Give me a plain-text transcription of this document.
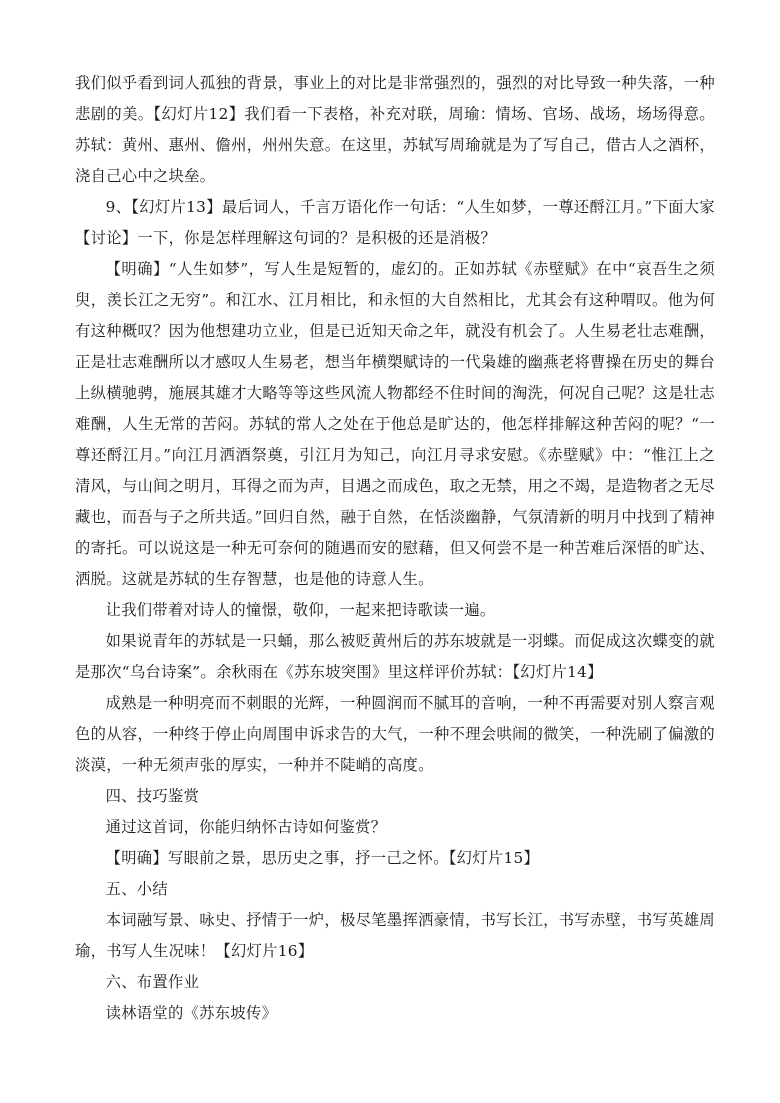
我们似乎看到词人孤独的背景，事业上的对比是非常强烈的，强烈的对比导致一种失落，一种悲剧的美。【幻灯片12】我们看一下表格，补充对联，周瑜：情场、官场、战场，场场得意。苏轼：黄州、惠州、儋州，州州失意。在这里，苏轼写周瑜就是为了写自己，借古人之酒杯，浇自己心中之块垒。

9、【幻灯片13】最后词人，千言万语化作一句话：“人生如梦，一尊还酹江月。”下面大家【讨论】一下，你是怎样理解这句词的？是积极的还是消极？

【明确】“人生如梦”，写人生是短暂的，虚幻的。正如苏轼《赤壁赋》在中“哀吾生之须臾，羡长江之无穷”。和江水、江月相比，和永恒的大自然相比，尤其会有这种喟叹。他为何有这种概叹？因为他想建功立业，但是已近知天命之年，就没有机会了。人生易老壮志难酬，正是壮志难酬所以才感叹人生易老，想当年横槊赋诗的一代枭雄的幽燕老将曹操在历史的舞台上纵横驰骋，施展其雄才大略等等这些风流人物都经不住时间的淘洗，何况自己呢？这是壮志难酬，人生无常的苦闷。苏轼的常人之处在于他总是旷达的，他怎样排解这种苦闷的呢？“一尊还酹江月。”向江月洒酒祭奠，引江月为知己，向江月寻求安慰。《赤壁赋》中：“惟江上之清风，与山间之明月，耳得之而为声，目遇之而成色，取之无禁，用之不竭，是造物者之无尽藏也，而吾与子之所共适。”回归自然，融于自然，在恬淡幽静，气氛清新的明月中找到了精神的寄托。可以说这是一种无可奈何的随遇而安的慰藉，但又何尝不是一种苦难后深悟的旷达、洒脱。这就是苏轼的生存智慧，也是他的诗意人生。

让我们带着对诗人的憧憬，敬仰，一起来把诗歌读一遍。

如果说青年的苏轼是一只蛹，那么被贬黄州后的苏东坡就是一羽蝶。而促成这次蝶变的就是那次“乌台诗案”。余秋雨在《苏东坡突围》里这样评价苏轼：【幻灯片14】

成熟是一种明亮而不刺眼的光辉，一种圆润而不腻耳的音响，一种不再需要对别人察言观色的从容，一种终于停止向周围申诉求告的大气，一种不理会哄闹的微笑，一种洗刷了偏激的淡漠，一种无须声张的厚实，一种并不陡峭的高度。

四、技巧鉴赏

通过这首词，你能归纳怀古诗如何鉴赏？

【明确】写眼前之景，思历史之事，抒一己之怀。【幻灯片15】

五、小结

本词融写景、咏史、抒情于一炉，极尽笔墨挥洒豪情，书写长江，书写赤壁，书写英雄周瑜，书写人生况味！【幻灯片16】

六、布置作业

读林语堂的《苏东坡传》
